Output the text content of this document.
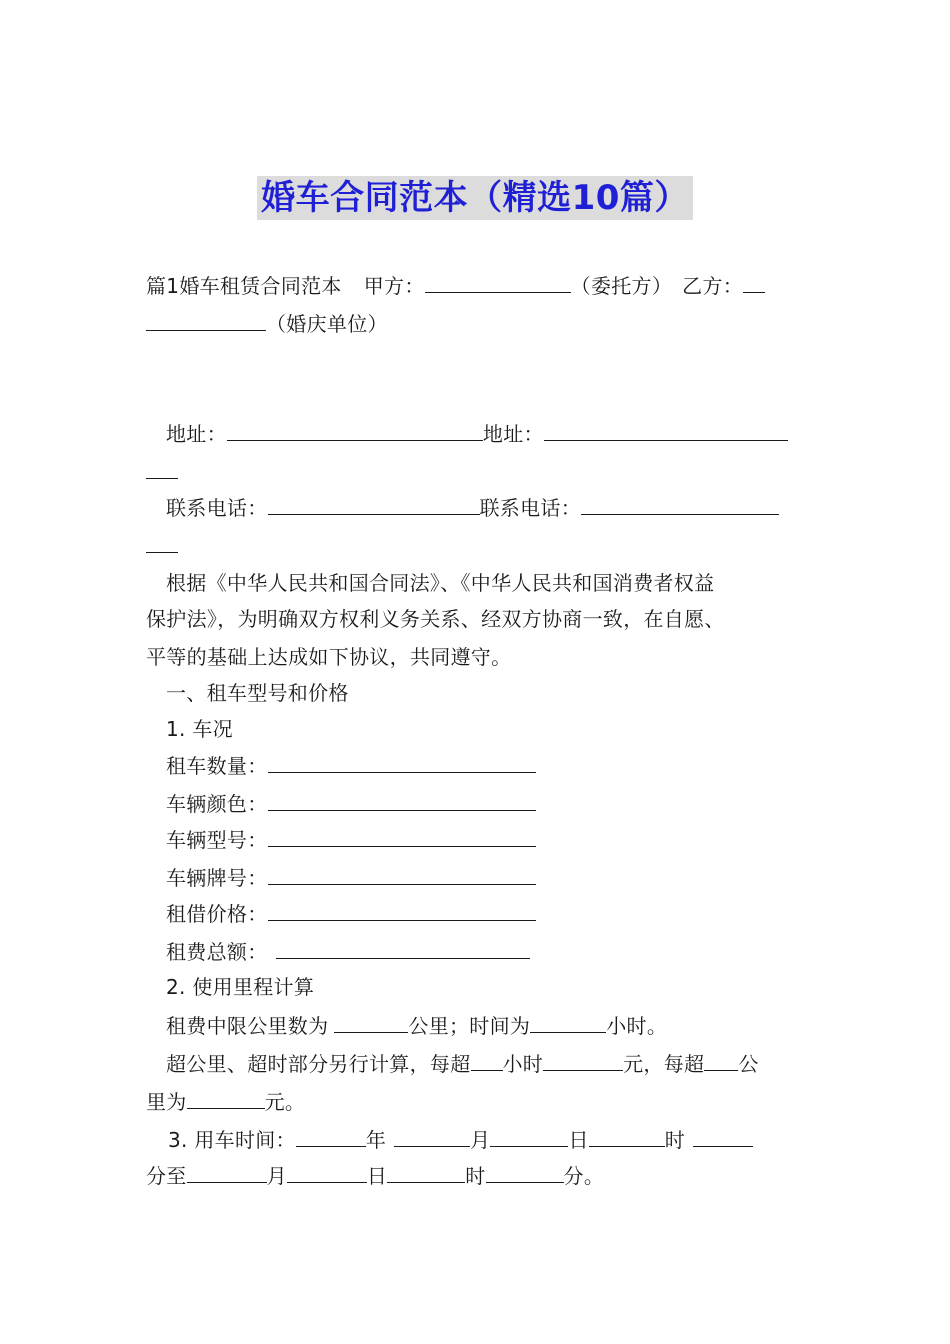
婚车合同范本（精选10篇）
篇1婚车租赁合同范本 甲方：	（委托方） 乙方：
（婚庆单位）
地址：	地址：
联系电话：	联系电话：
根据《中华人民共和国合同法》、《中华人民共和国消费者权益
保护法》，为明确双方权利义务关系、经双方协商一致，在自愿、
平等的基础上达成如下协议，共同遵守。
一、租车型号和价格
1. 车况
租车数量：
车辆颜色：
车辆型号：
车辆牌号：
租借价格：
租费总额：
2. 使用里程计算
租费中限公里数为	公里；时间为	小时。
超公里、超时部分另行计算，每超 小时	元，每超 公
里为	元。
3. 用车时间：	年	月	日	时
分至	月	日	时	分。
